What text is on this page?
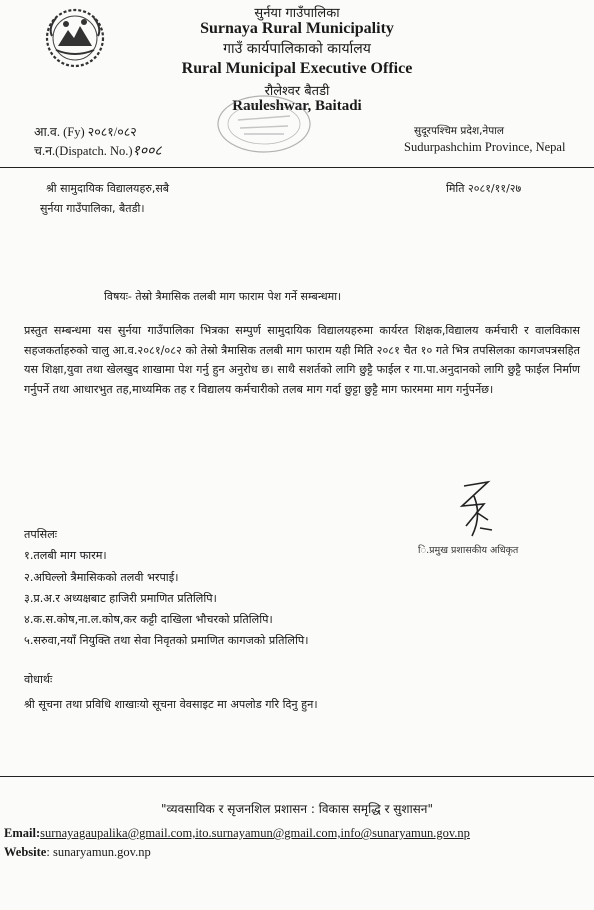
सुर्नया गाउँपालिका
Surnaya Rural Municipality
गाउँ कार्यपालिकाको कार्यालय
Rural Municipal Executive Office
रौलेश्वर बैतडी
Rauleshwar, Baitadi
आ.व. (Fy) २०८१/०८२
च.न.(Dispatch. No.)१००८
सुदूरपश्चिम प्रदेश,नेपाल
Sudurpashchim Province, Nepal
श्री सामुदायिक विद्यालयहरु,सबै
सुर्नया गाउँपालिका, बैतडी।
मिति २०८१/११/२७
विषयः- तेस्रो त्रैमासिक तलबी माग फाराम पेश गर्ने सम्बन्धमा।
प्रस्तुत सम्बन्धमा यस सुर्नया गाउँपालिका भित्रका सम्पुर्ण सामुदायिक विद्यालयहरुमा कार्यरत शिक्षक,विद्यालय कर्मचारी र वालविकास सहजकर्ताहरुको चालु आ.व.२०८१/०८२ को तेस्रो त्रैमासिक तलबी माग फाराम यही मिति २०८१ चैत १० गते भित्र तपसिलका कागजपत्रसहित यस शिक्षा,युवा तथा खेलखुद शाखामा पेश गर्नु हुन अनुरोध छ। साथै सशर्तको लागि छुट्टै फाईल र गा.पा.अनुदानको लागि छुट्टै फाईल निर्माण गर्नुपर्ने तथा आधारभुत तह,माध्यमिक तह र विद्यालय कर्मचारीको तलब माग गर्दा छुट्टा छुट्टै माग फारममा माग गर्नुपर्नेछ।
ि.प्रमुख प्रशासकीय अधिकृत
तपसिलः
१.तलबी माग फारम।
२.अघिल्लो त्रैमासिकको तलवी भरपाई।
३.प्र.अ.र अध्यक्षबाट हाजिरी प्रमाणित प्रतिलिपि।
४.क.स.कोष,ना.ल.कोष,कर कट्टी दाखिला भौचरको प्रतिलिपि।
५.सरुवा,नयाँ नियुक्ति तथा सेवा निवृतको प्रमाणित कागजको प्रतिलिपि।
वोधार्थः
श्री सूचना तथा प्रविधि शाखाःयो सूचना वेवसाइट मा अपलोड गरि दिनु हुन।
"व्यवसायिक र सृजनशिल प्रशासन : विकास समृद्धि र सुशासन"
Email:surnayagaupalika@gmail.com,ito.surnayamun@gmail.com,info@sunaryamun.gov.np
Website: sunaryamun.gov.np
